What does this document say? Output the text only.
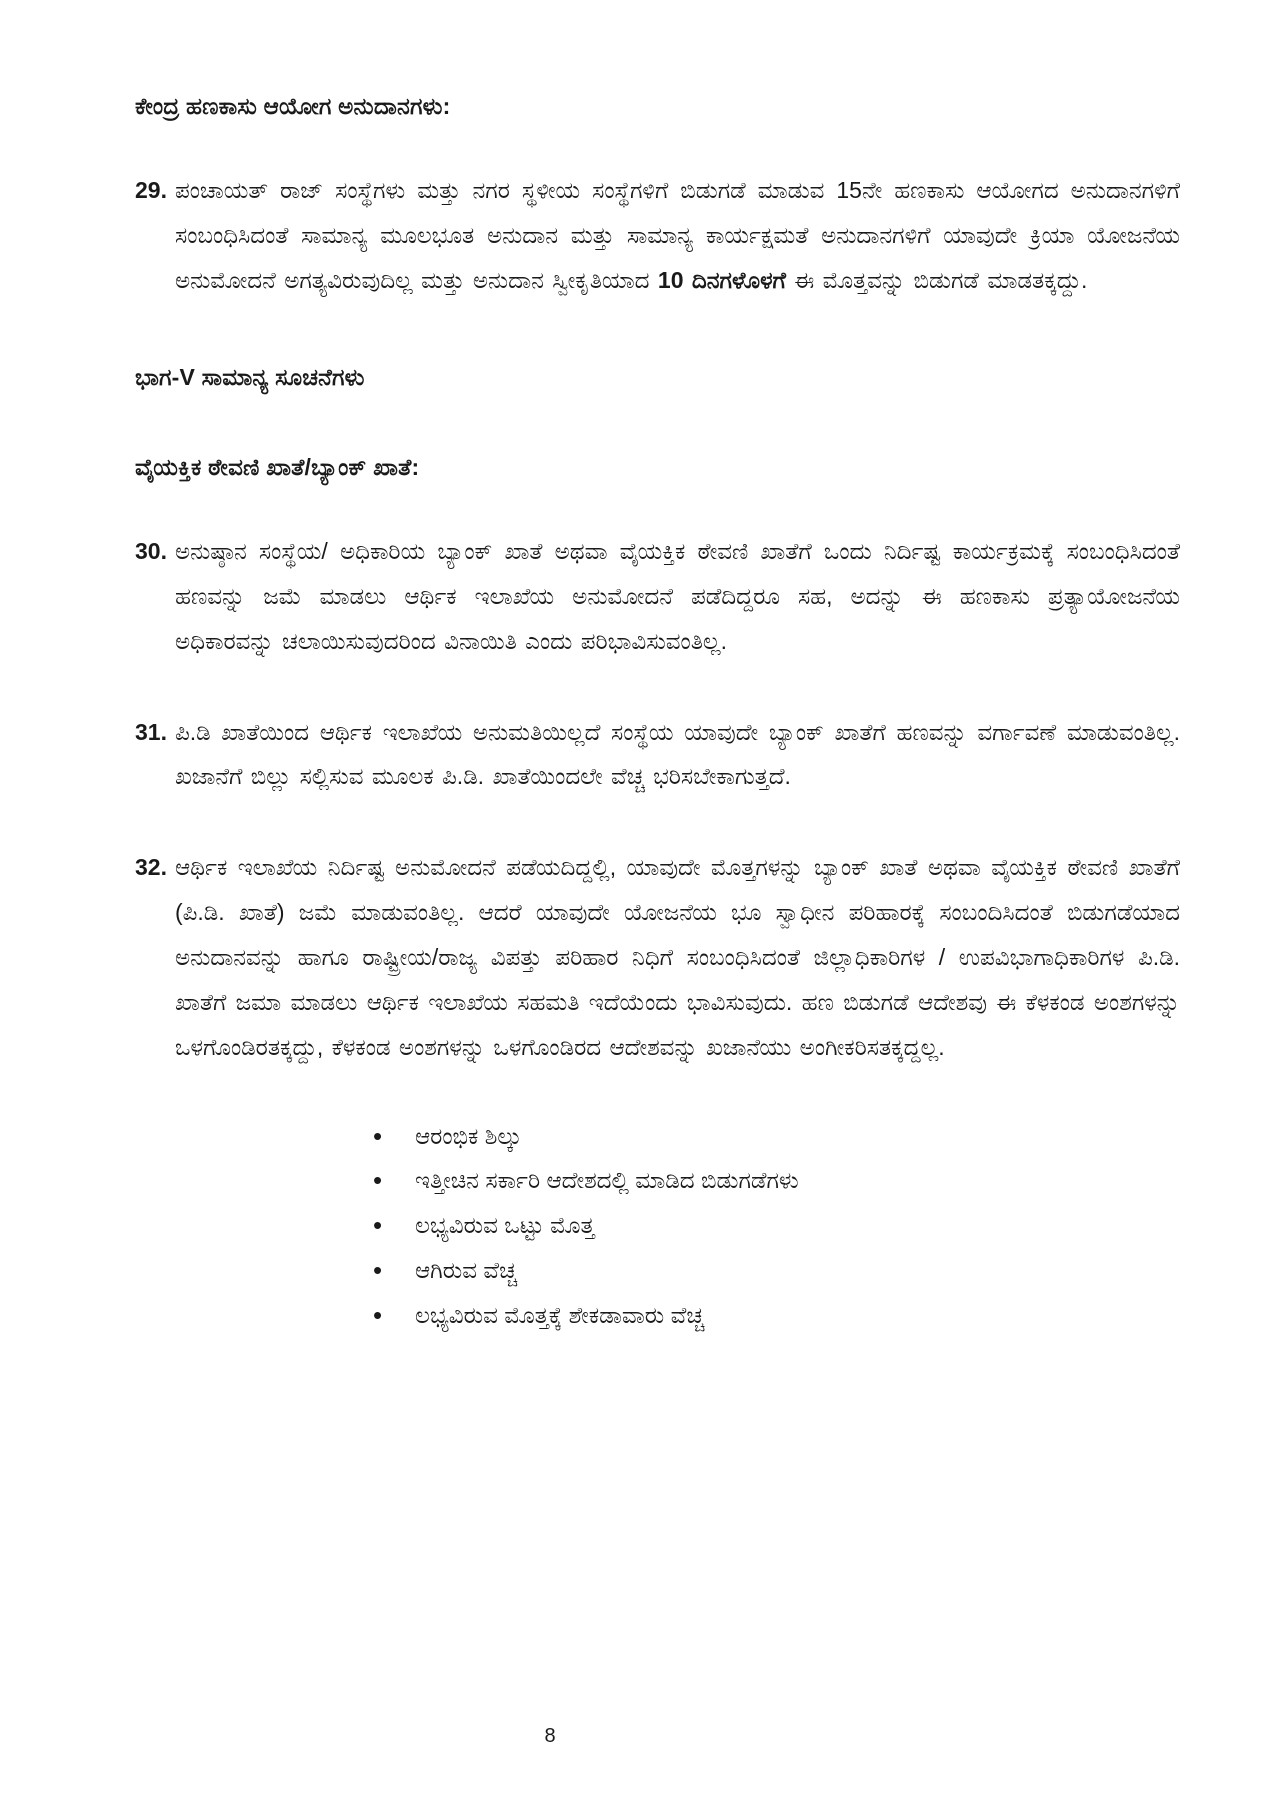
ಕೇಂದ್ರ ಹಣಕಾಸು ಆಯೋಗ ಅನುದಾನಗಳು:
29. ಪಂಚಾಯತ್ ರಾಜ್ ಸಂಸ್ಥೆಗಳು ಮತ್ತು ನಗರ ಸ್ಥಳೀಯ ಸಂಸ್ಥೆಗಳಿಗೆ ಬಿಡುಗಡೆ ಮಾಡುವ 15ನೇ ಹಣಕಾಸು ಆಯೋಗದ ಅನುದಾನಗಳಿಗೆ ಸಂಬಂಧಿಸಿದಂತೆ ಸಾಮಾನ್ಯ ಮೂಲಭೂತ ಅನುದಾನ ಮತ್ತು ಸಾಮಾನ್ಯ ಕಾರ್ಯಕ್ಷಮತೆ ಅನುದಾನಗಳಿಗೆ ಯಾವುದೇ ಕ್ರಿಯಾ ಯೋಜನೆಯ ಅನುಮೋದನೆ ಅಗತ್ಯವಿರುವುದಿಲ್ಲ ಮತ್ತು ಅನುದಾನ ಸ್ವೀಕೃತಿಯಾದ 10 ದಿನಗಳೊಳಗೆ ಈ ಮೊತ್ತವನ್ನು ಬಿಡುಗಡೆ ಮಾಡತಕ್ಕದ್ದು.
ಭಾಗ-V ಸಾಮಾನ್ಯ ಸೂಚನೆಗಳು
ವೈಯಕ್ತಿಕ ಠೇವಣಿ ಖಾತೆ/ಬ್ಯಾಂಕ್ ಖಾತೆ:
30. ಅನುಷ್ಠಾನ ಸಂಸ್ಥೆಯ/ ಅಧಿಕಾರಿಯ ಬ್ಯಾಂಕ್ ಖಾತೆ ಅಥವಾ ವೈಯಕ್ತಿಕ ಠೇವಣಿ ಖಾತೆಗೆ ಒಂದು ನಿರ್ದಿಷ್ಟ ಕಾರ್ಯಕ್ರಮಕ್ಕೆ ಸಂಬಂಧಿಸಿದಂತೆ ಹಣವನ್ನು ಜಮೆ ಮಾಡಲು ಆರ್ಥಿಕ ಇಲಾಖೆಯ ಅನುಮೋದನೆ ಪಡೆದಿದ್ದರೂ ಸಹ, ಅದನ್ನು ಈ ಹಣಕಾಸು ಪ್ರತ್ಯಾಯೋಜನೆಯ ಅಧಿಕಾರವನ್ನು ಚಲಾಯಿಸುವುದರಿಂದ ವಿನಾಯಿತಿ ಎಂದು ಪರಿಭಾವಿಸುವಂತಿಲ್ಲ.
31. ಪಿ.ಡಿ ಖಾತೆಯಿಂದ ಆರ್ಥಿಕ ಇಲಾಖೆಯ ಅನುಮತಿಯಿಲ್ಲದೆ ಸಂಸ್ಥೆಯ ಯಾವುದೇ ಬ್ಯಾಂಕ್ ಖಾತೆಗೆ ಹಣವನ್ನು ವರ್ಗಾವಣೆ ಮಾಡುವಂತಿಲ್ಲ. ಖಜಾನೆಗೆ ಬಿಲ್ಲು ಸಲ್ಲಿಸುವ ಮೂಲಕ ಪಿ.ಡಿ. ಖಾತೆಯಿಂದಲೇ ವೆಚ್ಚ ಭರಿಸಬೇಕಾಗುತ್ತದೆ.
32. ಆರ್ಥಿಕ ಇಲಾಖೆಯ ನಿರ್ದಿಷ್ಟ ಅನುಮೋದನೆ ಪಡೆಯದಿದ್ದಲ್ಲಿ, ಯಾವುದೇ ಮೊತ್ತಗಳನ್ನು ಬ್ಯಾಂಕ್ ಖಾತೆ ಅಥವಾ ವೈಯಕ್ತಿಕ ಠೇವಣಿ ಖಾತೆಗೆ (ಪಿ.ಡಿ. ಖಾತೆ) ಜಮೆ ಮಾಡುವಂತಿಲ್ಲ. ಆದರೆ ಯಾವುದೇ ಯೋಜನೆಯ ಭೂ ಸ್ವಾಧೀನ ಪರಿಹಾರಕ್ಕೆ ಸಂಬಂದಿಸಿದಂತೆ ಬಿಡುಗಡೆಯಾದ ಅನುದಾನವನ್ನು ಹಾಗೂ ರಾಷ್ಟ್ರೀಯ/ರಾಜ್ಯ ವಿಪತ್ತು ಪರಿಹಾರ ನಿಧಿಗೆ ಸಂಬಂಧಿಸಿದಂತೆ ಜಿಲ್ಲಾಧಿಕಾರಿಗಳ / ಉಪವಿಭಾಗಾಧಿಕಾರಿಗಳ ಪಿ.ಡಿ. ಖಾತೆಗೆ ಜಮಾ ಮಾಡಲು ಆರ್ಥಿಕ ಇಲಾಖೆಯ ಸಹಮತಿ ಇದೆಯೆಂದು ಭಾವಿಸುವುದು. ಹಣ ಬಿಡುಗಡೆ ಆದೇಶವು ಈ ಕೆಳಕಂಡ ಅಂಶಗಳನ್ನು ಒಳಗೊಂಡಿರತಕ್ಕದ್ದು, ಕೆಳಕಂಡ ಅಂಶಗಳನ್ನು ಒಳಗೊಂಡಿರದ ಆದೇಶವನ್ನು ಖಜಾನೆಯು ಅಂಗೀಕರಿಸತಕ್ಕದ್ದಲ್ಲ.
• ಆರಂಭಿಕ ಶಿಲ್ಕು
• ಇತ್ತೀಚಿನ ಸರ್ಕಾರಿ ಆದೇಶದಲ್ಲಿ ಮಾಡಿದ ಬಿಡುಗಡೆಗಳು
• ಲಭ್ಯವಿರುವ ಒಟ್ಟು ಮೊತ್ತ
• ಆಗಿರುವ ವೆಚ್ಚ
• ಲಭ್ಯವಿರುವ ಮೊತ್ತಕ್ಕೆ ಶೇಕಡಾವಾರು ವೆಚ್ಚ
8
